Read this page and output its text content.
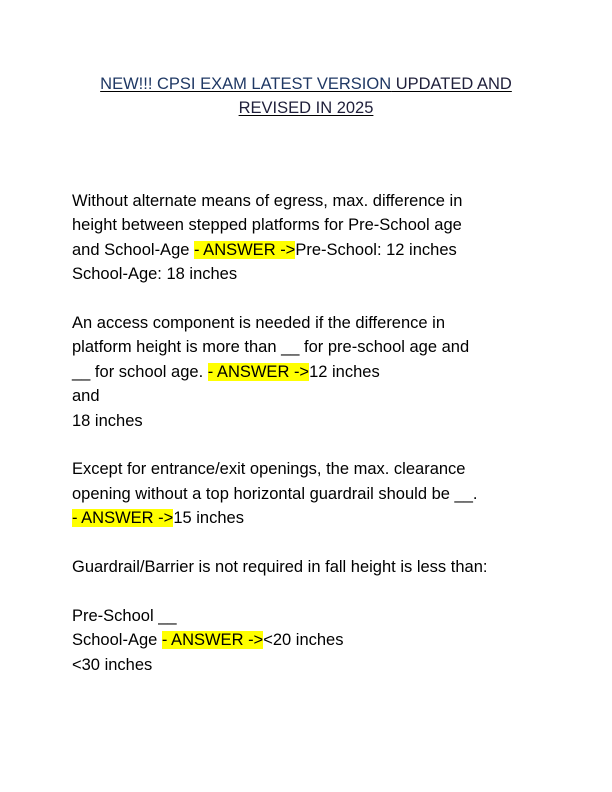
NEW!!! CPSI EXAM LATEST VERSION UPDATED AND
REVISED IN 2025

Without alternate means of egress, max. difference in

height between stepped platforms for Pre-School age

and School-Age - ANSWER ->Pre-School: 12 inches

School-Age: 18 inches

An access component is needed if the difference in

platform height is more than __ for pre-school age and

__ for school age. - ANSWER ->12 inches

and

18 inches

Except for entrance/exit openings, the max. clearance

opening without a top horizontal guardrail should be __.

- ANSWER ->15 inches

Guardrail/Barrier is not required in fall height is less than:

Pre-School __

School-Age - ANSWER -><20 inches

<30 inches
